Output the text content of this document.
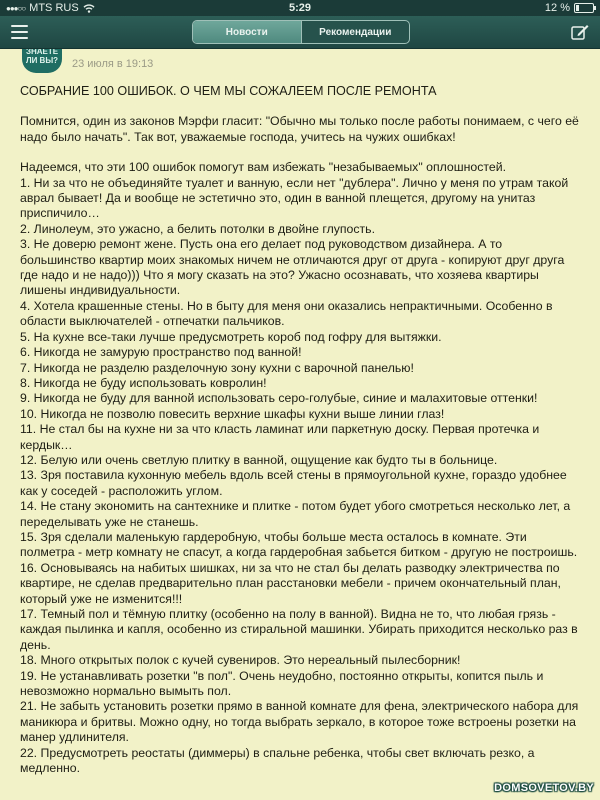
●●●○○ MTS RUS	5:29	12 %
Новости	Рекомендации
ЗНАЕТЕ ЛИ ВЫ?	23 июля в 19:13

СОБРАНИЕ 100 ОШИБОК. О ЧЕМ МЫ СОЖАЛЕЕМ ПОСЛЕ РЕМОНТА

Помнится, один из законов Мэрфи гласит: "Обычно мы только после работы понимаем, с чего её надо было начать". Так вот, уважаемые господа, учитесь на чужих ошибках!

Надеемся, что эти 100 ошибок помогут вам избежать "незабываемых" оплошностей.

1. Ни за что не объединяйте туалет и ванную, если нет "дублера". Лично у меня по утрам такой аврал бывает! Да и вообще не эстетично это, один в ванной плещется, другому на унитаз приспичило…

2. Линолеум, это ужасно, а белить потолки в двойне глупость.

3. Не доверю ремонт жене. Пусть она его делает под руководством дизайнера. А то большинство квартир моих знакомых ничем не отличаются друг от друга - копируют друг друга где надо и не надо))) Что я могу сказать на это? Ужасно осознавать, что хозяева квартиры лишены индивидуальности.

4. Хотела крашенные стены. Но в быту для меня они оказались непрактичными. Особенно в области выключателей - отпечатки пальчиков.

5. На кухне все-таки лучше предусмотреть короб под гофру для вытяжки.

6. Никогда не замурую пространство под ванной!

7. Никогда не разделю разделочную зону кухни с варочной панелью!

8. Никогда не буду использовать ковролин!

9. Никогда не буду для ванной использовать серо-голубые, синие и малахитовые оттенки!

10. Никогда не позволю повесить верхние шкафы кухни выше линии глаз!

11. Не стал бы на кухне ни за что класть ламинат или паркетную доску. Первая протечка и кердык…

12. Белую или очень светлую плитку в ванной, ощущение как будто ты в больнице.

13. Зря поставила кухонную мебель вдоль всей стены в прямоугольной кухне, гораздо удобнее как у соседей - расположить углом.

14. Не стану экономить на сантехнике и плитке - потом будет убого смотреться несколько лет, а переделывать уже не станешь.

15. Зря сделали маленькую гардеробную, чтобы больше места осталось в комнате. Эти полметра - метр комнату не спасут, а когда гардеробная забьется битком - другую не построишь.

16. Основываясь на набитых шишках, ни за что не стал бы делать разводку электричества по квартире, не сделав предварительно план расстановки мебели - причем окончательный план, который уже не изменится!!!

17. Темный пол и тёмную плитку (особенно на полу в ванной). Видна не то, что любая грязь - каждая пылинка и капля, особенно из стиральной машинки. Убирать приходится несколько раз в день.

18. Много открытых полок с кучей сувениров. Это нереальный пылесборник!

19. Не устанавливать розетки "в пол". Очень неудобно, постоянно открыты, копится пыль и невозможно нормально вымыть пол.

21. Не забыть установить розетки прямо в ванной комнате для фена, электрического набора для маникюра и бритвы. Можно одну, но тогда выбрать зеркало, в которое тоже встроены розетки на манер удлинителя.

22. Предусмотреть реостаты (диммеры) в спальне ребенка, чтобы свет включать резко, а медленно.

DOMSOVETOV.BY
